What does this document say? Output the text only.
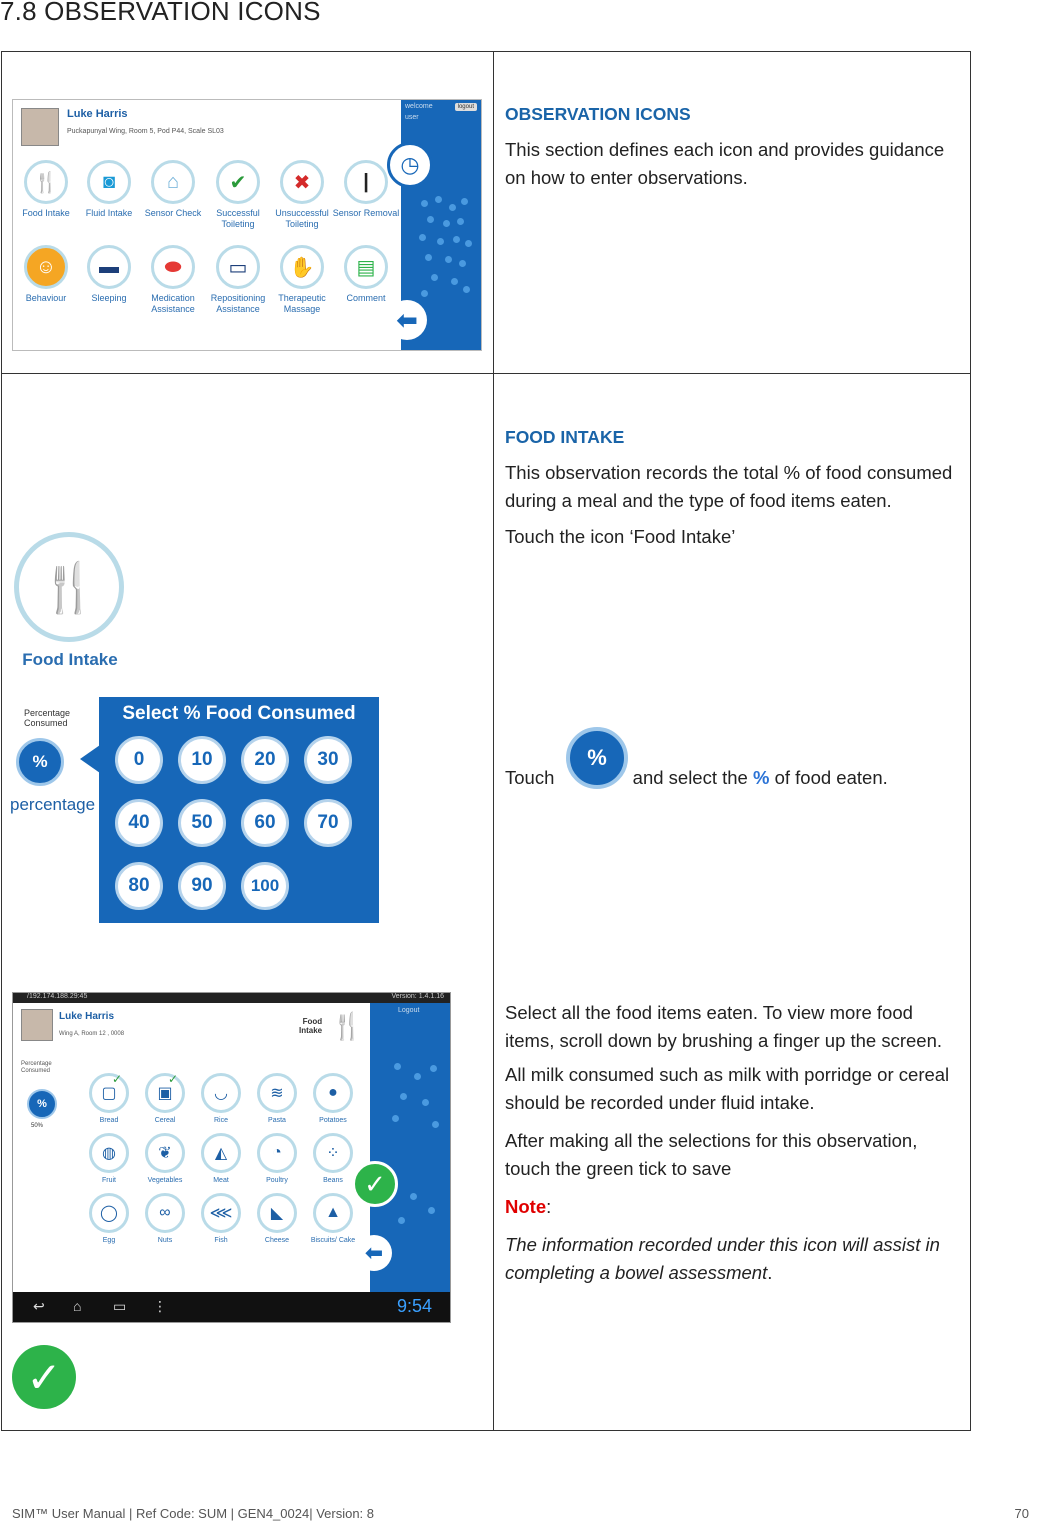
7.8 OBSERVATION ICONS
Luke Harris
Puckapunyal Wing, Room 5, Pod P44, Scale SL03
welcome
user
logout
◷
⬅
🍴
Food Intake
◙
Fluid Intake
⌂
Sensor Check
✔
Successful Toileting
✖
Unsuccessful Toileting
|
Sensor Removal
☺
Behaviour
▬
Sleeping
⬬
Medication Assistance
▭
Repositioning Assistance
✋
Therapeutic Massage
▤
Comment

OBSERVATION ICONS

This section defines each icon and provides guidance on how to enter observations.

🍴
Food Intake
Percentage
Consumed
%
percentage
Select % Food Consumed
0	10	20	30
40	50	60	70
80	90	100
/192.174.188.29:45	Version: 1.4.1.16
Luke Harris
Wing A, Room 12 , 0008
Food
Intake 🍴
Logout
✓
⬅
Percentage
Consumed
%
50%
▢
✓
Bread
▣
✓
Cereal
◡
Rice
≋
Pasta
●
Potatoes
◍
Fruit
❦
Vegetables
◭
Meat
◔
Poultry
⁘
Beans
◯
Egg
∞
Nuts
⋘
Fish
◣
Cheese
▲
Biscuits/ Cake
↩ ⌂ ▭ ⋮	9:54
✓

FOOD INTAKE

This observation records the total % of food consumed during a meal and the type of food items eaten.

Touch the icon ‘Food Intake’

Touch	and select the % of food eaten.
%

Select all the food items eaten. To view more food items, scroll down by brushing a finger up the screen.

All milk consumed such as milk with porridge or cereal should be recorded under fluid intake.

After making all the selections for this observation, touch the green tick to save

Note:

The information recorded under this icon will assist in completing a bowel assessment.

SIM™ User Manual | Ref Code: SUM | GEN4_0024| Version: 8	70
